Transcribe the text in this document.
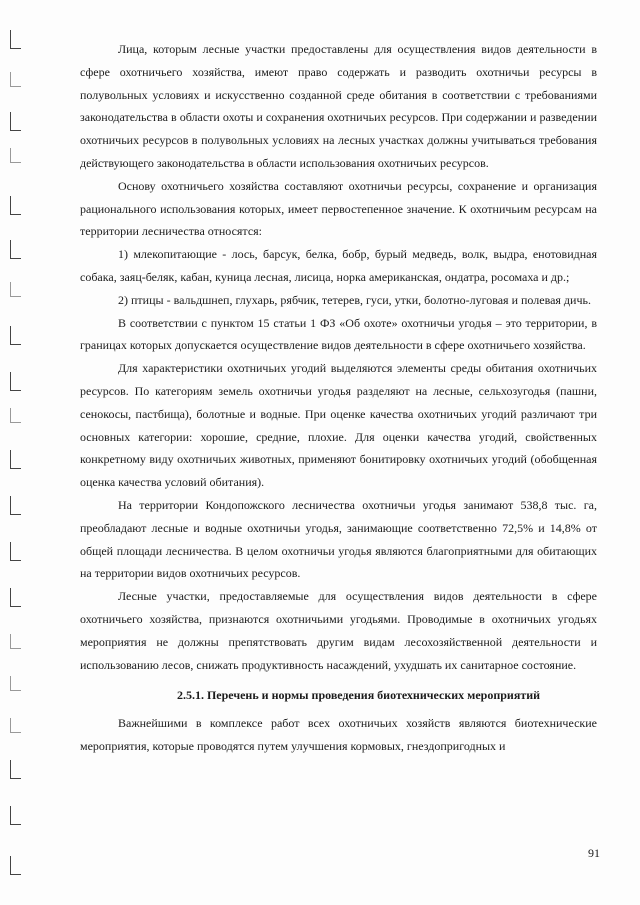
Лица, которым лесные участки предоставлены для осуществления видов деятельности в сфере охотничьего хозяйства, имеют право содержать и разводить охотничьи ресурсы в полувольных условиях и искусственно созданной среде обитания в соответствии с требованиями законодательства в области охоты и сохранения охотничьих ресурсов. При содержании и разведении охотничьих ресурсов в полувольных условиях на лесных участках должны учитываться требования действующего законодательства в области использования охотничьих ресурсов.

Основу охотничьего хозяйства составляют охотничьи ресурсы, сохранение и организация рационального использования которых, имеет первостепенное значение. К охотничьим ресурсам на территории лесничества относятся:

1) млекопитающие - лось, барсук, белка, бобр, бурый медведь, волк, выдра, енотовидная собака, заяц-беляк, кабан, куница лесная, лисица, норка американская, ондатра, росомаха и др.;

2) птицы - вальдшнеп, глухарь, рябчик, тетерев, гуси, утки, болотно-луговая и полевая дичь.

В соответствии с пунктом 15 статьи 1 ФЗ «Об охоте» охотничьи угодья – это территории, в границах которых допускается осуществление видов деятельности в сфере охотничьего хозяйства.

Для характеристики охотничьих угодий выделяются элементы среды обитания охотничьих ресурсов. По категориям земель охотничьи угодья разделяют на лесные, сельхозугодья (пашни, сенокосы, пастбища), болотные и водные. При оценке качества охотничьих угодий различают три основных категории: хорошие, средние, плохие. Для оценки качества угодий, свойственных конкретному виду охотничьих животных, применяют бонитировку охотничьих угодий (обобщенная оценка качества условий обитания).

На территории Кондопожского лесничества охотничьи угодья занимают 538,8 тыс. га, преобладают лесные и водные охотничьи угодья, занимающие соответственно 72,5% и 14,8% от общей площади лесничества. В целом охотничьи угодья являются благоприятными для обитающих на территории видов охотничьих ресурсов.

Лесные участки, предоставляемые для осуществления видов деятельности в сфере охотничьего хозяйства, признаются охотничьими угодьями. Проводимые в охотничьих угодьях мероприятия не должны препятствовать другим видам лесохозяйственной деятельности и использованию лесов, снижать продуктивность насаждений, ухудшать их санитарное состояние.

2.5.1. Перечень и нормы проведения биотехнических мероприятий

Важнейшими в комплексе работ всех охотничьих хозяйств являются биотехнические мероприятия, которые проводятся путем улучшения кормовых, гнездопригодных и

91
